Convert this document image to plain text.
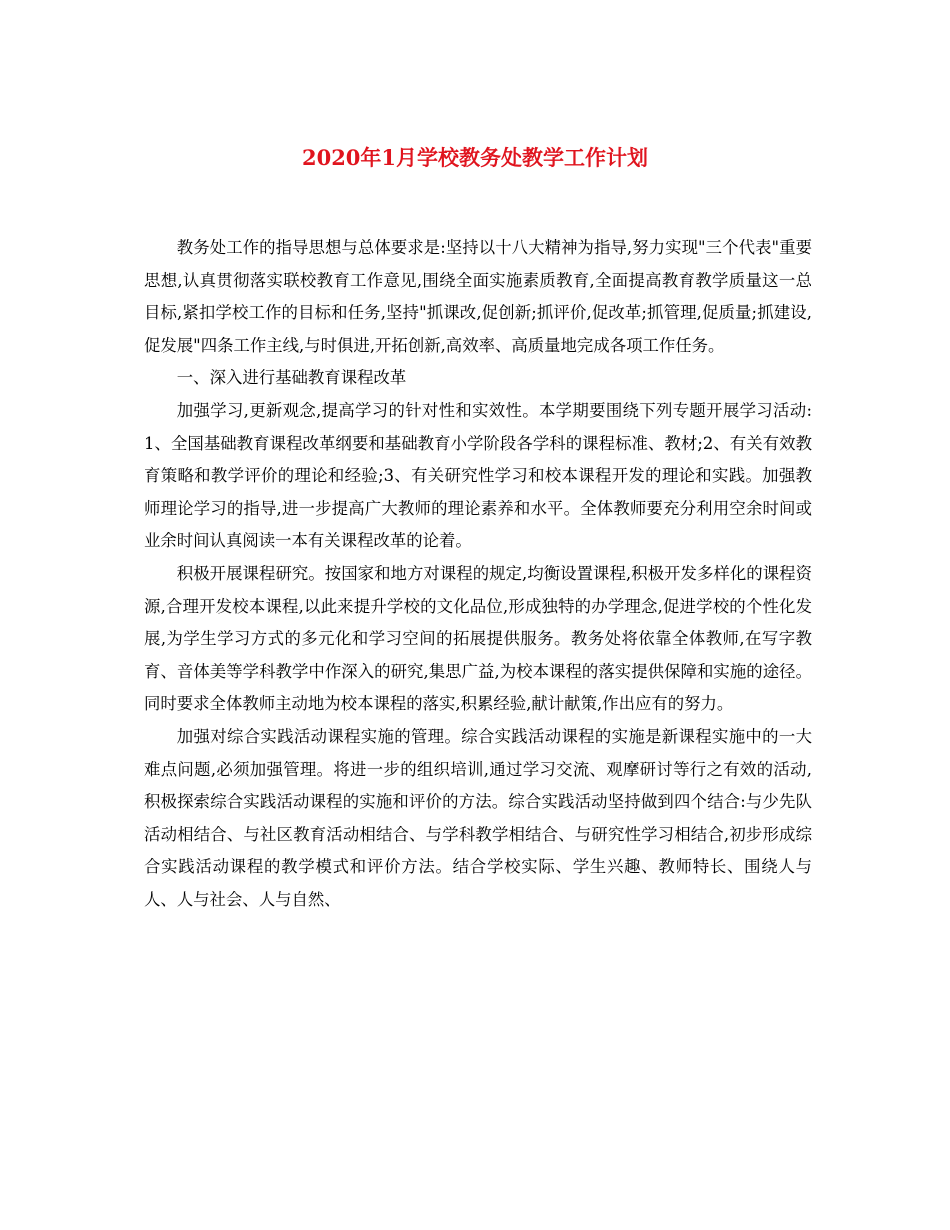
2020年1月学校教务处教学工作计划

教务处工作的指导思想与总体要求是:坚持以十八大精神为指导,努力实现"三个代表"重要思想,认真贯彻落实联校教育工作意见,围绕全面实施素质教育,全面提高教育教学质量这一总目标,紧扣学校工作的目标和任务,坚持"抓课改,促创新;抓评价,促改革;抓管理,促质量;抓建设,促发展"四条工作主线,与时俱进,开拓创新,高效率、高质量地完成各项工作任务。

一、深入进行基础教育课程改革

加强学习,更新观念,提高学习的针对性和实效性。本学期要围绕下列专题开展学习活动:1、全国基础教育课程改革纲要和基础教育小学阶段各学科的课程标准、教材;2、有关有效教育策略和教学评价的理论和经验;3、有关研究性学习和校本课程开发的理论和实践。加强教师理论学习的指导,进一步提高广大教师的理论素养和水平。全体教师要充分利用空余时间或业余时间认真阅读一本有关课程改革的论着。

积极开展课程研究。按国家和地方对课程的规定,均衡设置课程,积极开发多样化的课程资源,合理开发校本课程,以此来提升学校的文化品位,形成独特的办学理念,促进学校的个性化发展,为学生学习方式的多元化和学习空间的拓展提供服务。教务处将依靠全体教师,在写字教育、音体美等学科教学中作深入的研究,集思广益,为校本课程的落实提供保障和实施的途径。同时要求全体教师主动地为校本课程的落实,积累经验,献计献策,作出应有的努力。

加强对综合实践活动课程实施的管理。综合实践活动课程的实施是新课程实施中的一大难点问题,必须加强管理。将进一步的组织培训,通过学习交流、观摩研讨等行之有效的活动,积极探索综合实践活动课程的实施和评价的方法。综合实践活动坚持做到四个结合:与少先队活动相结合、与社区教育活动相结合、与学科教学相结合、与研究性学习相结合,初步形成综合实践活动课程的教学模式和评价方法。结合学校实际、学生兴趣、教师特长、围绕人与人、人与社会、人与自然、
